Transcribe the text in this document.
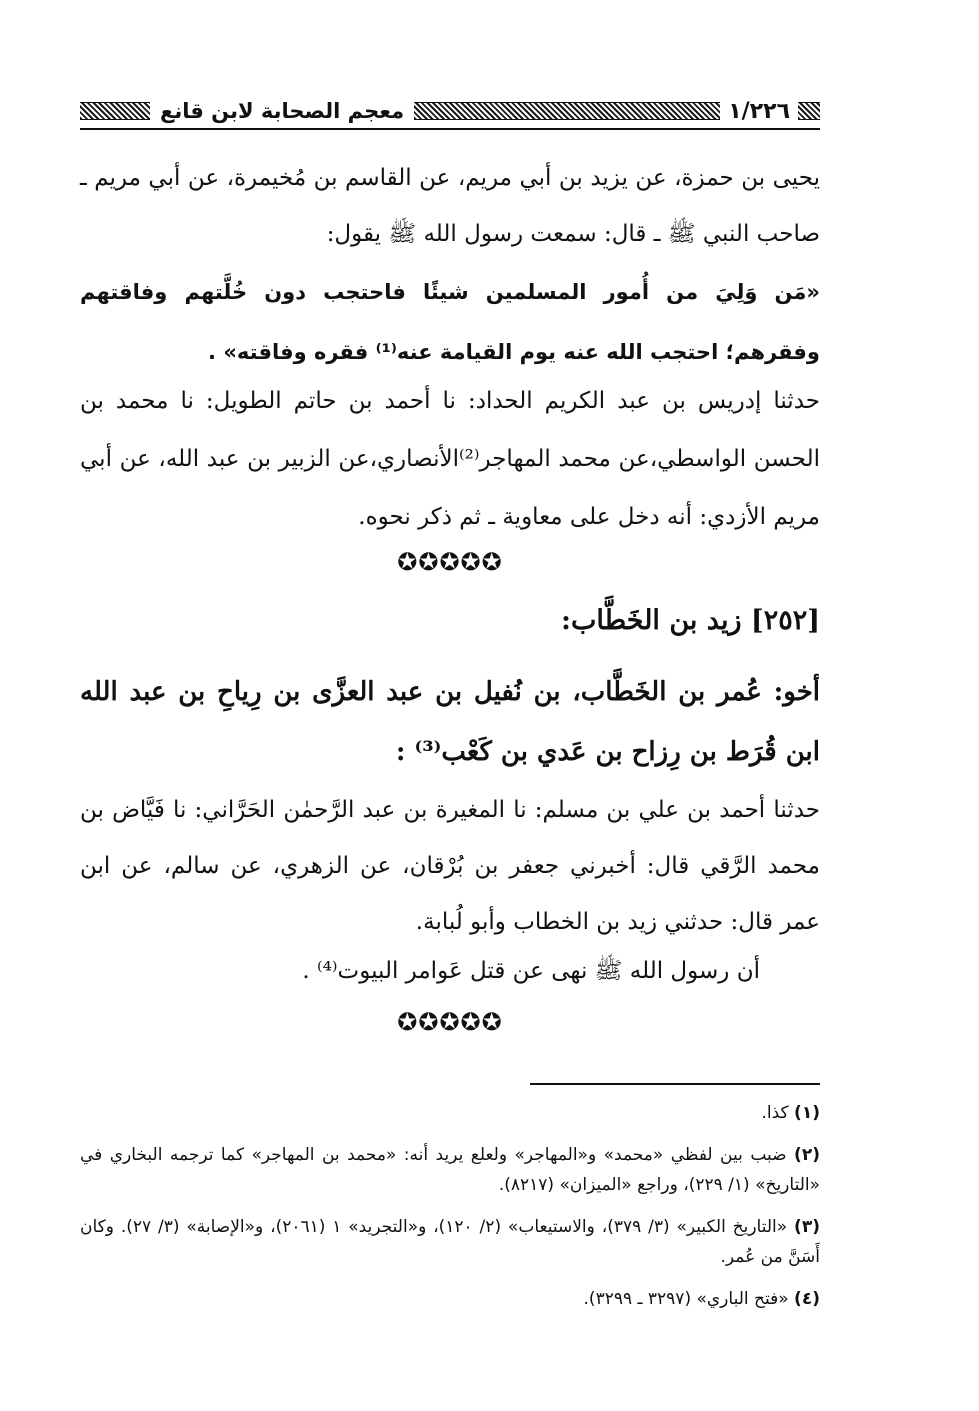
١/٢٢٦
معجم الصحابة لابن قانع
يحيى بن حمزة، عن يزيد بن أبي مريم، عن القاسم بن مُخيمرة، عن أبي مريم ـ صاحب النبي ﷺ ـ قال: سمعت رسول الله ﷺ يقول:
«مَن وَلِيَ من أُمور المسلمين شيئًا فاحتجب دون خُلَّتهم وفاقتهم وفقرهم؛ احتجب الله عنه يوم القيامة عنه⁽¹⁾ فقره وفاقته» .
حدثنا إدريس بن عبد الكريم الحداد: نا أحمد بن حاتم الطويل: نا محمد بن الحسن الواسطي،عن محمد المهاجر⁽²⁾الأنصاري،عن الزبير بن عبد الله، عن أبي مريم الأزدي: أنه دخل على معاوية ـ ثم ذكر نحوه.
✪✪✪✪✪
[٢٥٢] زيد بن الخَطَّاب:
أخو: عُمر بن الخَطَّاب، بن نُفيل بن عبد العزَّى بن رِياحِ بن عبد الله ابن قُرَط بن رِزاح بن عَدي بن كَعْب⁽³⁾ :
حدثنا أحمد بن علي بن مسلم: نا المغيرة بن عبد الرَّحمٰن الحَرَّاني: نا فَيَّاض بن محمد الرَّقي قال: أخبرني جعفر بن بُرْقان، عن الزهري، عن سالم، عن ابن عمر قال: حدثني زيد بن الخطاب وأبو لُبابة.
أن رسول الله ﷺ نهى عن قتل عَوامر البيوت⁽⁴⁾ .
✪✪✪✪✪

(١) كذا.

(٢) ضبب بين لفظي «محمد» و«المهاجر» ولعلع يريد أنه: «محمد بن المهاجر» كما ترجمه البخاري في «التاريخ» (١/ ٢٢٩)، وراجع «الميزان» (٨٢١٧).

(٣) «التاريخ الكبير» (٣/ ٣٧٩)، والاستيعاب» (٢/ ١٢٠)، و«التجريد» ١ (٢٠٦١)، و«الإصابة» (٣/ ٢٧). وكان أَسَنَّ من عُمر.

(٤) «فتح الباري» (٣٢٩٧ ـ ٣٢٩٩).
